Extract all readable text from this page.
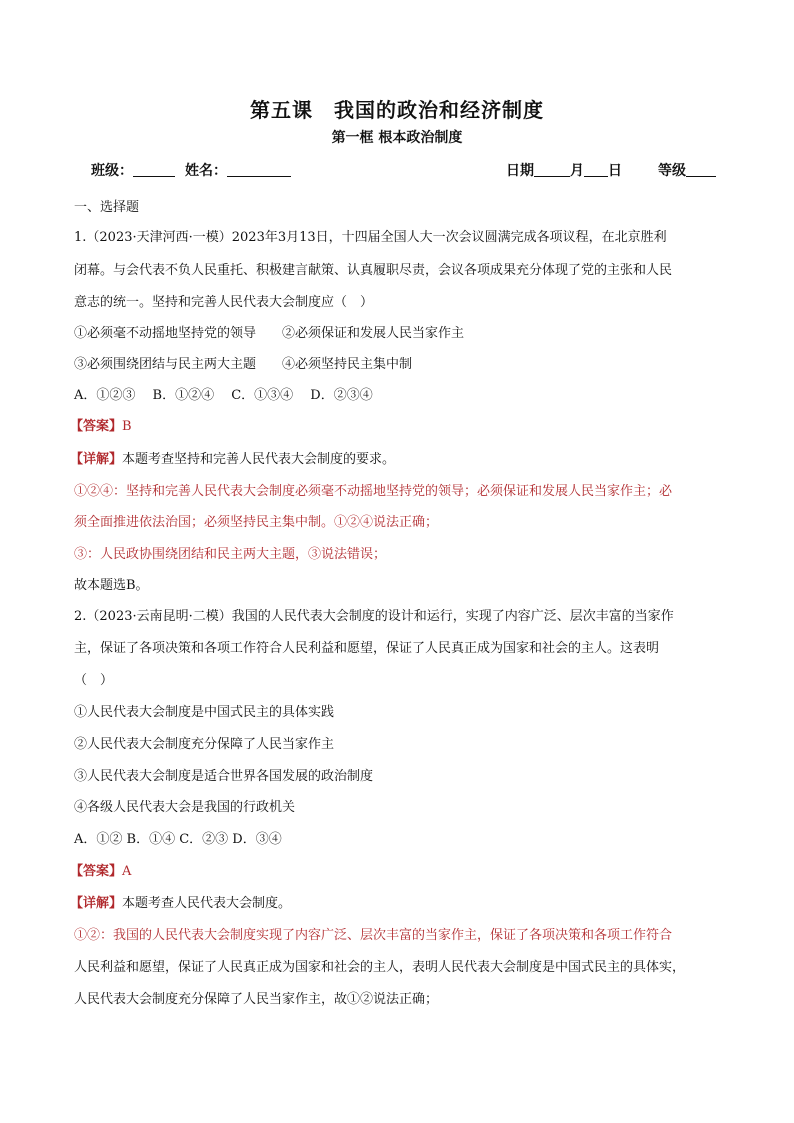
第五课　我国的政治和经济制度
第一框 根本政治制度
班级：	姓名：	日期	月 日	等级
一、选择题
1.（2023·天津河西·一模）2023年3月13日，十四届全国人大一次会议圆满完成各项议程，在北京胜利
闭幕。与会代表不负人民重托、积极建言献策、认真履职尽责，会议各项成果充分体现了党的主张和人民
意志的统一。坚持和完善人民代表大会制度应（　）
①必须毫不动摇地坚持党的领导　　②必须保证和发展人民当家作主
③必须围绕团结与民主两大主题　　④必须坚持民主集中制
A．①②③　 B．①②④　 C．①③④　 D．②③④
【答案】B
【详解】本题考查坚持和完善人民代表大会制度的要求。
①②④：坚持和完善人民代表大会制度必须毫不动摇地坚持党的领导；必须保证和发展人民当家作主；必
须全面推进依法治国；必须坚持民主集中制。①②④说法正确；
③：人民政协围绕团结和民主两大主题，③说法错误；
故本题选B。
2.（2023·云南昆明·二模）我国的人民代表大会制度的设计和运行，实现了内容广泛、层次丰富的当家作
主，保证了各项决策和各项工作符合人民利益和愿望，保证了人民真正成为国家和社会的主人。这表明
（　）
①人民代表大会制度是中国式民主的具体实践
②人民代表大会制度充分保障了人民当家作主
③人民代表大会制度是适合世界各国发展的政治制度
④各级人民代表大会是我国的行政机关
A．①② B．①④ C．②③ D．③④
【答案】A
【详解】本题考查人民代表大会制度。
①②：我国的人民代表大会制度实现了内容广泛、层次丰富的当家作主，保证了各项决策和各项工作符合
人民利益和愿望，保证了人民真正成为国家和社会的主人，表明人民代表大会制度是中国式民主的具体实，
人民代表大会制度充分保障了人民当家作主，故①②说法正确；
